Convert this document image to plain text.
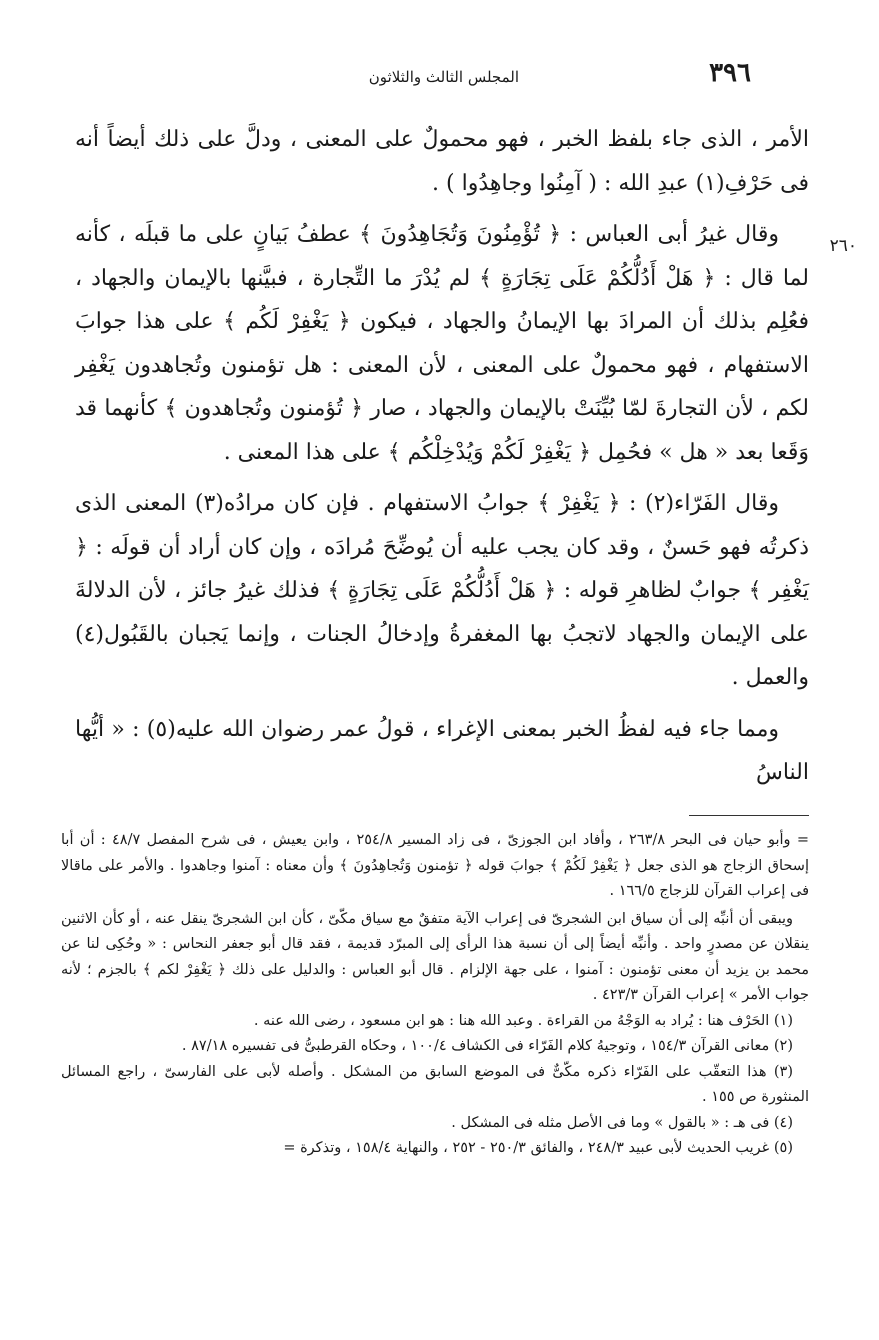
٣٩٦
المجلس الثالث والثلاثون
٢٦٠

الأمر ، الذى جاء بلفظ الخبر ، فهو محمولٌ على المعنى ، ودلَّ على ذلك أيضاً أنه فى حَرْفِ(١) عبدِ الله : ( آمِنُوا وجاهِدُوا ) .

وقال غيرُ أبى العباس : ﴿ تُؤْمِنُونَ وَتُجَاهِدُونَ ﴾ عطفُ بَيانٍ على ما قبلَه ، كأنه لما قال : ﴿ هَلْ أَدُلُّكُمْ عَلَى تِجَارَةٍ ﴾ لم يُدْرَ ما التِّجارة ، فبيَّنها بالإيمان والجهاد ، فعُلِم بذلك أن المرادَ بها الإيمانُ والجهاد ، فيكون ﴿ يَغْفِرْ لَكُم ﴾ على هذا جوابَ الاستفهام ، فهو محمولٌ على المعنى ، لأن المعنى : هل تؤمنون وتُجاهدون يَغْفِر لكم ، لأن التجارةَ لمّا بُيِّنَتْ بالإيمان والجهاد ، صار ﴿ تُؤمنون وتُجاهدون ﴾ كأنهما قد وَقَعا بعد « هل » فحُمِل ﴿ يَغْفِرْ لَكُمْ وَيُدْخِلْكُم ﴾ على هذا المعنى .

وقال الفَرّاء(٢) : ﴿ يَغْفِرْ ﴾ جوابُ الاستفهام . فإن كان مرادُه(٣) المعنى الذى ذكرتُه فهو حَسنٌ ، وقد كان يجب عليه أن يُوضِّحَ مُرادَه ، وإن كان أراد أن قولَه : ﴿ يَغْفِر ﴾ جوابٌ لظاهرِ قوله : ﴿ هَلْ أَدُلُّكُمْ عَلَى تِجَارَةٍ ﴾ فذلك غيرُ جائز ، لأن الدلالةَ على الإيمان والجهاد لاتجبُ بها المغفرةُ وإدخالُ الجنات ، وإنما يَجبان بالقَبُول(٤) والعمل .

ومما جاء فيه لفظُ الخبر بمعنى الإغراء ، قولُ عمر رضوان الله عليه(٥) : « أيُّها الناسُ

= وأبو حيان فى البحر ٢٦٣/٨ ، وأفاد ابن الجوزىّ ، فى زاد المسير ٢٥٤/٨ ، وابن يعيش ، فى شرح المفصل ٤٨/٧ : أن أبا إسحاق الزجاج هو الذى جعل ﴿ يَغْفِرْ لَكُمْ ﴾ جوابَ قوله ﴿ تؤمنون وَتُجاهِدُونَ ﴾ وأن معناه : آمنوا وجاهدوا . والأمر على ماقالا فى إعراب القرآن للزجاج ١٦٦/٥ .

ويبقى أن أنبِّه إلى أن سياق ابن الشجرىّ فى إعراب الآية متفقٌ مع سياق مكّىّ ، كأن ابن الشجرىّ ينقل عنه ، أو كأن الاثنين ينقلان عن مصدرٍ واحد . وأنبِّه أيضاً إلى أن نسبة هذا الرأى إلى المبرّد قديمة ، فقد قال أبو جعفر النحاس : « وحُكِى لنا عن محمد بن يزيد أن معنى تؤمنون : آمنوا ، على جهة الإلزام . قال أبو العباس : والدليل على ذلك ﴿ يَغْفِرْ لكم ﴾ بالجزم ؛ لأنه جواب الأمر » إعراب القرآن ٤٢٣/٣ .

(١) الحَرْف هنا : يُراد به الوَجْهُ من القراءة . وعبد الله هنا : هو ابن مسعود ، رضى الله عنه .

(٢) معانى القرآن ١٥٤/٣ ، وتوجيهُ كلام الفَرّاء فى الكشاف ١٠٠/٤ ، وحكاه القرطبىُّ فى تفسيره ٨٧/١٨ .

(٣) هذا التعقّب على الفَرّاء ذكره مكّىٌّ فى الموضع السابق من المشكل . وأصله لأبى على الفارسىّ ، راجع المسائل المنثورة ص ١٥٥ .

(٤) فى هـ : « بالقول » وما فى الأصل مثله فى المشكل .

(٥) غريب الحديث لأبى عبيد ٢٤٨/٣ ، والفائق ٢٥٠/٣ - ٢٥٢ ، والنهاية ١٥٨/٤ ، وتذكرة =
